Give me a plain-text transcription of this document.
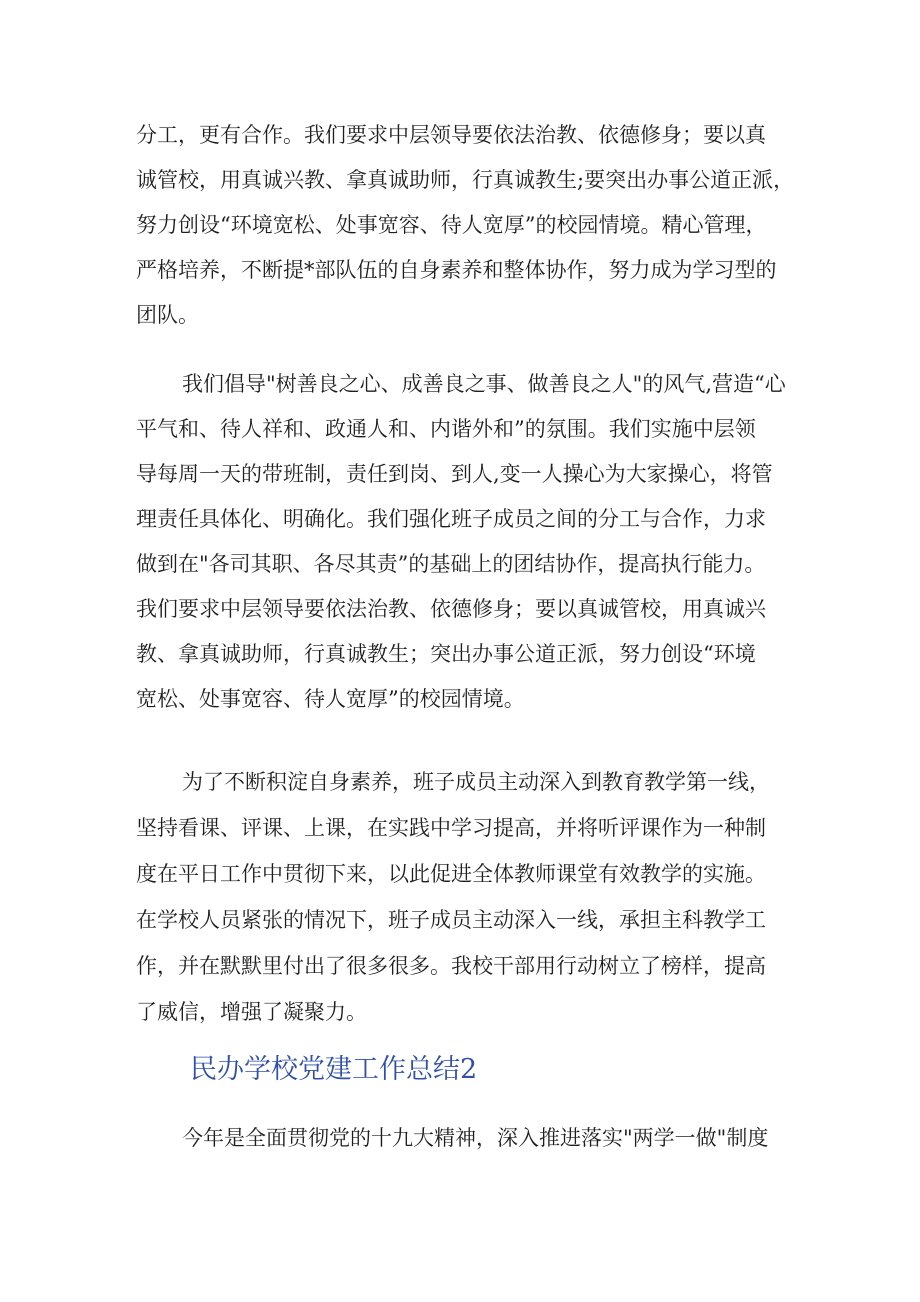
分工，更有合作。我们要求中层领导要依法治教、依德修身；要以真
诚管校，用真诚兴教、拿真诚助师，行真诚教生;要突出办事公道正派，
努力创设“环境宽松、处事宽容、待人宽厚”的校园情境。精心管理，
严格培养，不断提*部队伍的自身素养和整体协作，努力成为学习型的
团队。
我们倡导"树善良之心、成善良之事、做善良之人"的风气,营造“心
平气和、待人祥和、政通人和、内谐外和”的氛围。我们实施中层领
导每周一天的带班制，责任到岗、到人,变一人操心为大家操心，将管
理责任具体化、明确化。我们强化班子成员之间的分工与合作，力求
做到在"各司其职、各尽其责”的基础上的团结协作，提高执行能力。
我们要求中层领导要依法治教、依德修身；要以真诚管校，用真诚兴
教、拿真诚助师，行真诚教生；突出办事公道正派，努力创设“环境
宽松、处事宽容、待人宽厚”的校园情境。
为了不断积淀自身素养，班子成员主动深入到教育教学第一线，
坚持看课、评课、上课，在实践中学习提高，并将听评课作为一种制
度在平日工作中贯彻下来，以此促进全体教师课堂有效教学的实施。
在学校人员紧张的情况下，班子成员主动深入一线，承担主科教学工
作，并在默默里付出了很多很多。我校干部用行动树立了榜样，提高
了威信，增强了凝聚力。
民办学校党建工作总结2
今年是全面贯彻党的十九大精神，深入推进落实"两学一做"制度
